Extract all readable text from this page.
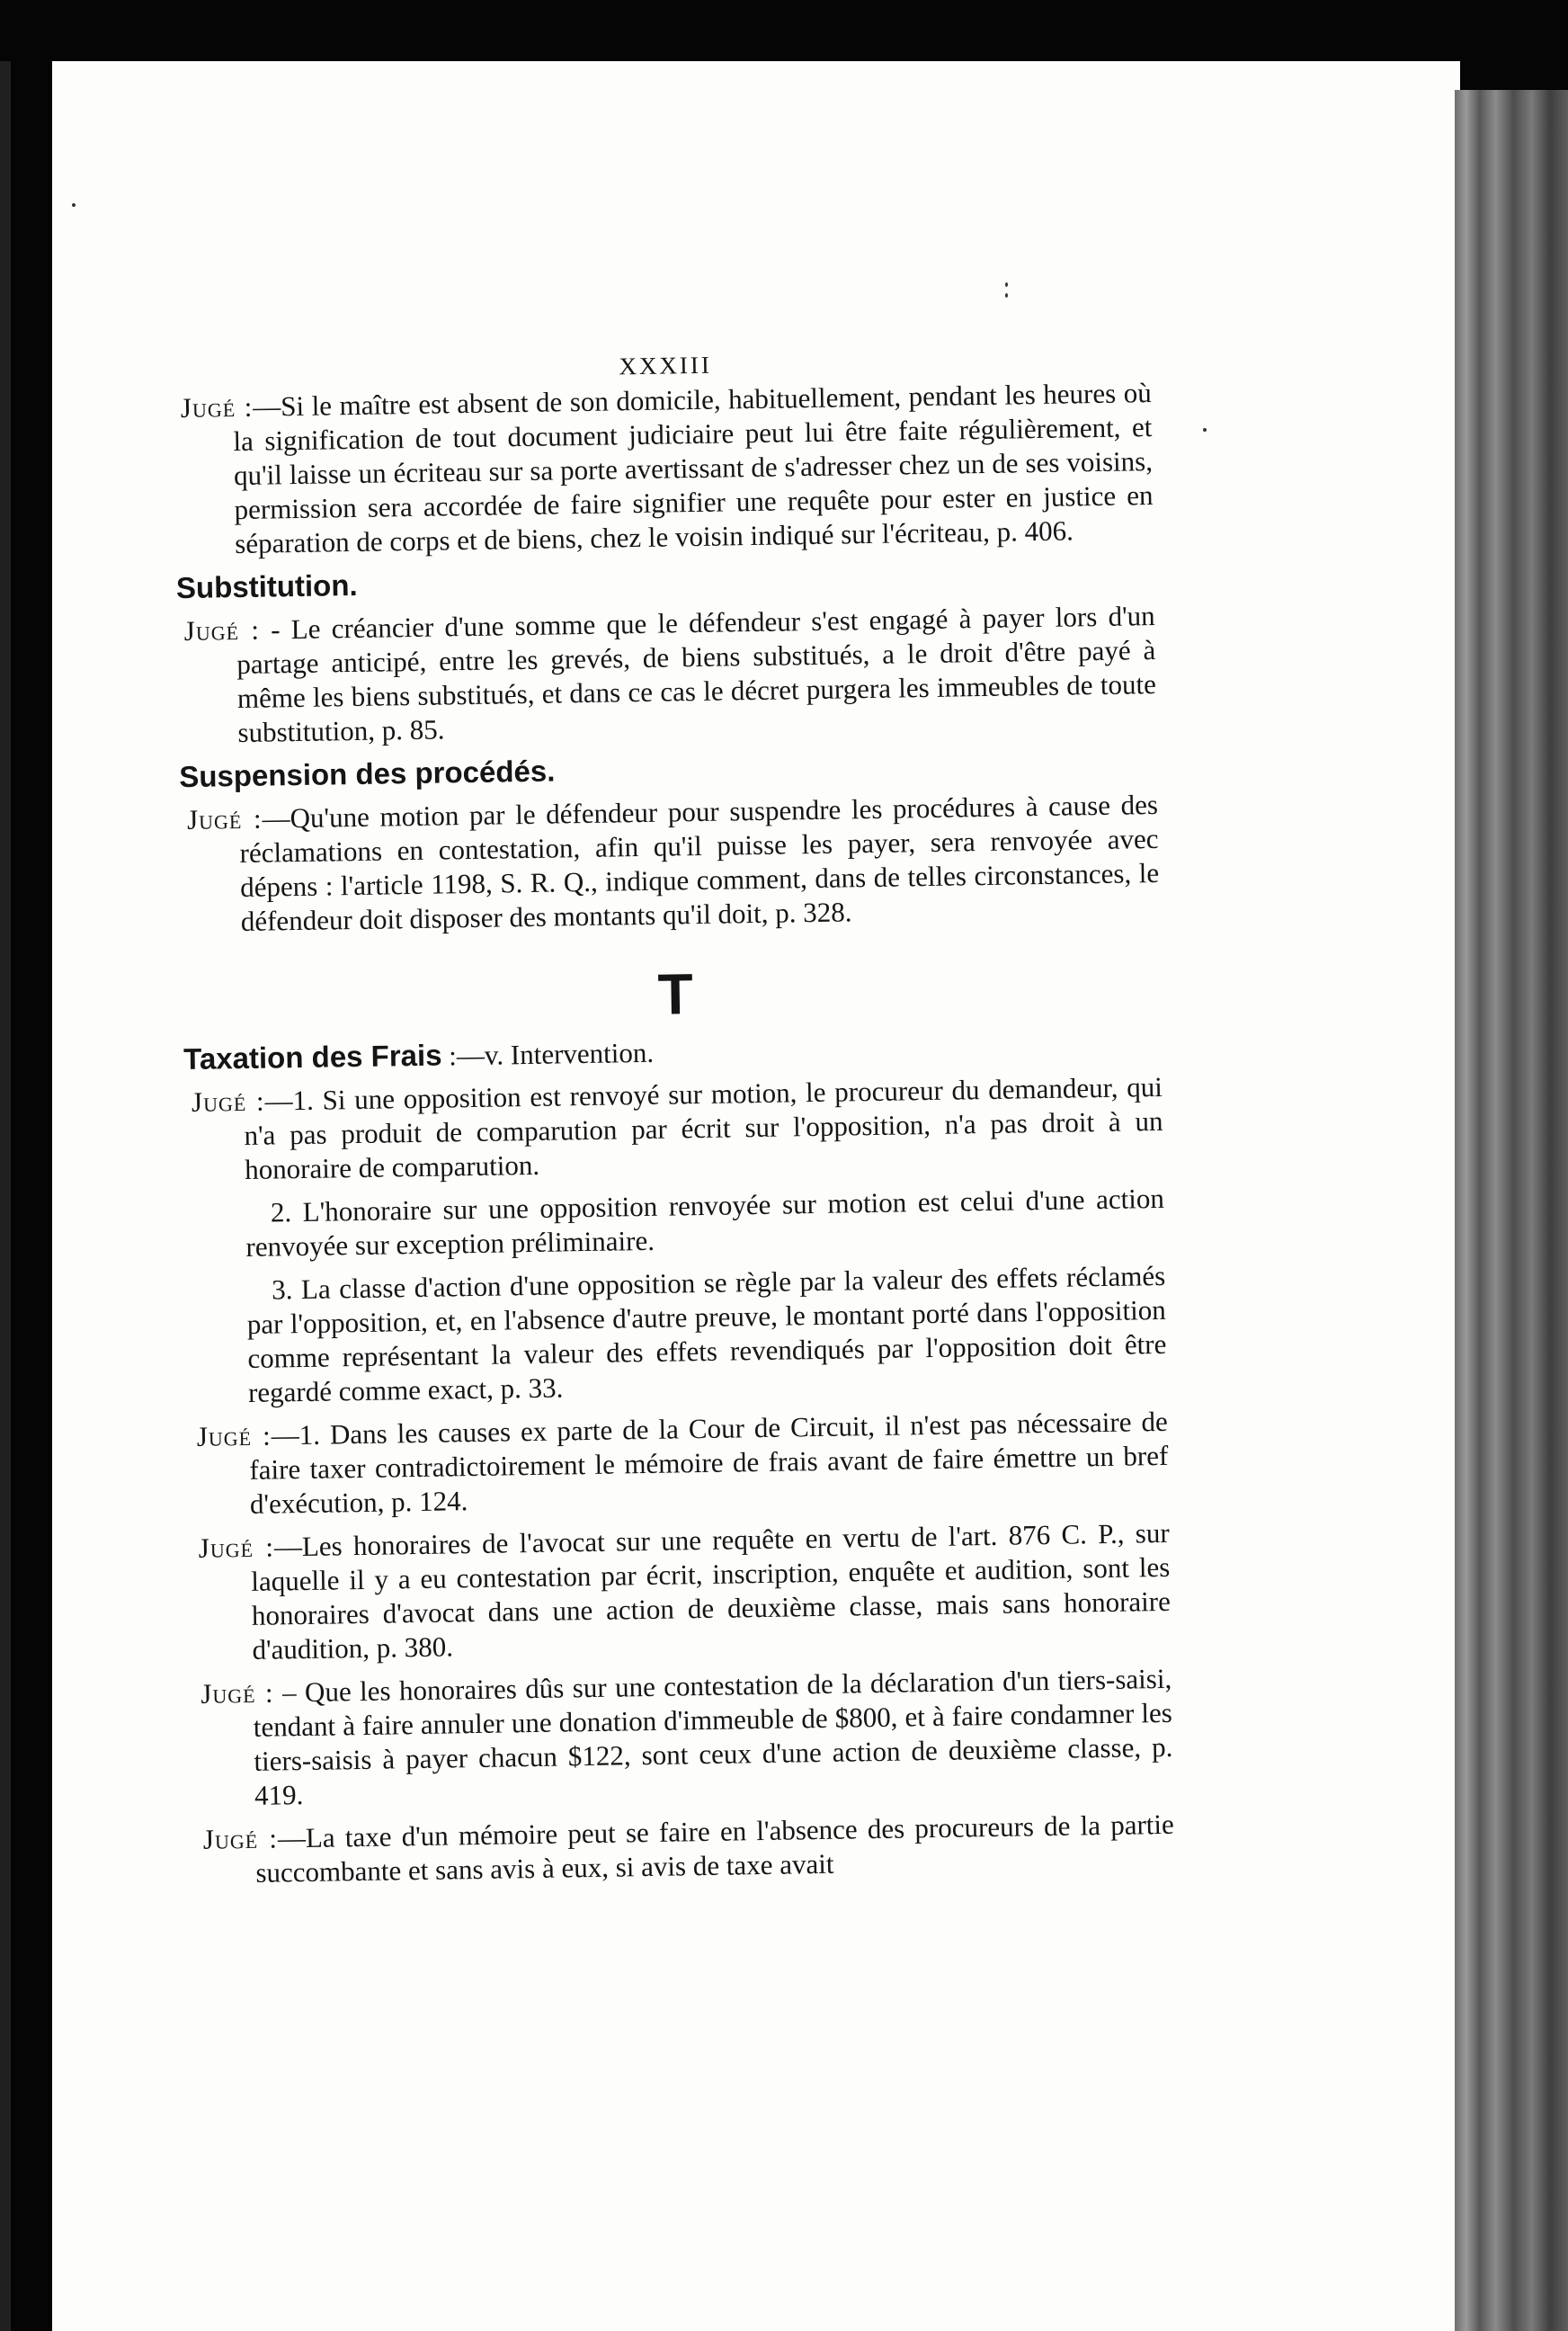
XXXIII

Jugé :—Si le maître est absent de son domicile, habituellement, pendant les heures où la signification de tout document judiciaire peut lui être faite régulièrement, et qu'il laisse un écriteau sur sa porte avertissant de s'adresser chez un de ses voisins, permission sera accordée de faire signifier une requête pour ester en justice en séparation de corps et de biens, chez le voisin indiqué sur l'écriteau, p. 406.

Substitution.

Jugé : - Le créancier d'une somme que le défendeur s'est engagé à payer lors d'un partage anticipé, entre les grevés, de biens substitués, a le droit d'être payé à même les biens substitués, et dans ce cas le décret purgera les immeubles de toute substitution, p. 85.

Suspension des procédés.

Jugé :—Qu'une motion par le défendeur pour suspendre les procédures à cause des réclamations en contestation, afin qu'il puisse les payer, sera renvoyée avec dépens : l'article 1198, S. R. Q., indique comment, dans de telles circonstances, le défendeur doit disposer des montants qu'il doit, p. 328.

T
Taxation des Frais :—v. Intervention.

Jugé :—1. Si une opposition est renvoyé sur motion, le procureur du demandeur, qui n'a pas produit de comparution par écrit sur l'opposition, n'a pas droit à un honoraire de comparution.

2. L'honoraire sur une opposition renvoyée sur motion est celui d'une action renvoyée sur exception préliminaire.

3. La classe d'action d'une opposition se règle par la valeur des effets réclamés par l'opposition, et, en l'absence d'autre preuve, le montant porté dans l'opposition comme représentant la valeur des effets revendiqués par l'opposition doit être regardé comme exact, p. 33.

Jugé :—1. Dans les causes ex parte de la Cour de Circuit, il n'est pas nécessaire de faire taxer contradictoirement le mémoire de frais avant de faire émettre un bref d'exécution, p. 124.

Jugé :—Les honoraires de l'avocat sur une requête en vertu de l'art. 876 C. P., sur laquelle il y a eu contestation par écrit, inscription, enquête et audition, sont les honoraires d'avocat dans une action de deuxième classe, mais sans honoraire d'audition, p. 380.

Jugé : – Que les honoraires dûs sur une contestation de la déclaration d'un tiers-saisi, tendant à faire annuler une donation d'immeuble de $800, et à faire condamner les tiers-saisis à payer chacun $122, sont ceux d'une action de deuxième classe, p. 419.

Jugé :—La taxe d'un mémoire peut se faire en l'absence des procureurs de la partie succombante et sans avis à eux, si avis de taxe avait
